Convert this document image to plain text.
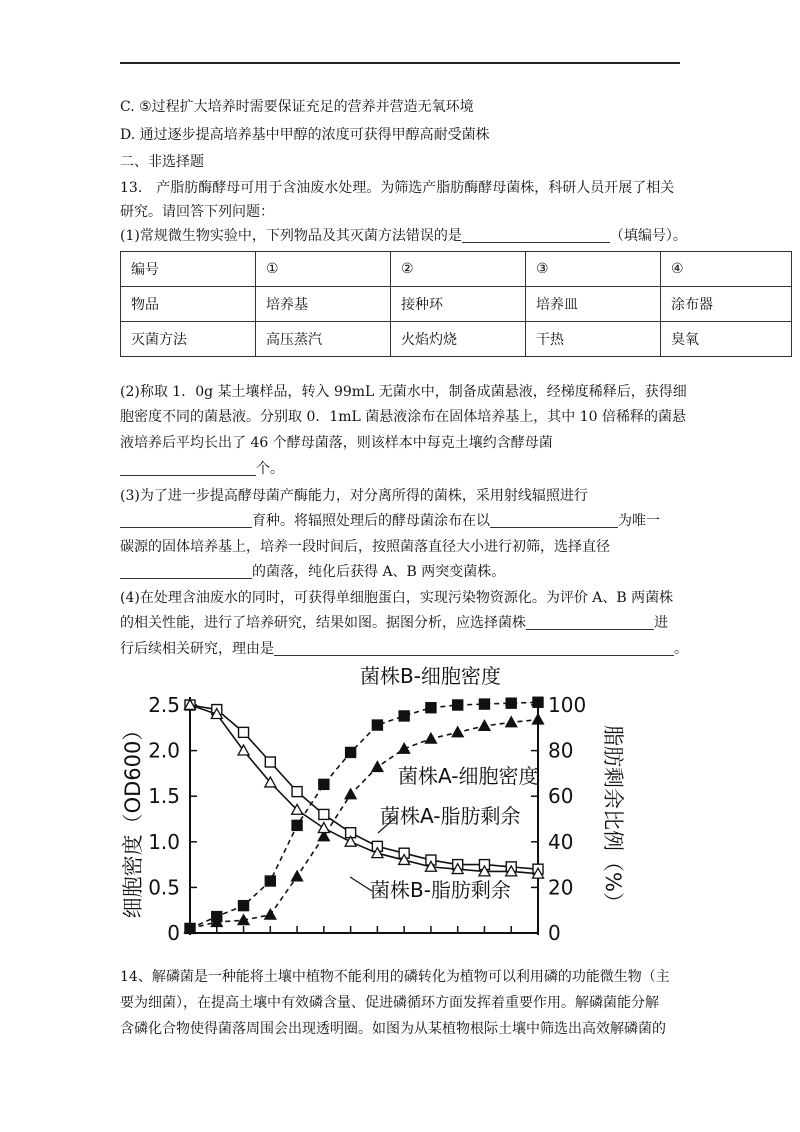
C. ⑤过程扩大培养时需要保证充足的营养并营造无氧环境
D. 通过逐步提高培养基中甲醇的浓度可获得甲醇高耐受菌株
二、非选择题
13.　产脂肪酶酵母可用于含油废水处理。为筛选产脂肪酶酵母菌株，科研人员开展了相关
研究。请回答下列问题：
(1)常规微生物实验中，下列物品及其灭菌方法错误的是	（填编号）。
编号	①	②	③	④
物品	培养基	接种环	培养皿	涂布器
灭菌方法	高压蒸汽	火焰灼烧	干热	臭氧
(2)称取 1．0g 某土壤样品，转入 99mL 无菌水中，制备成菌悬液，经梯度稀释后，获得细
胞密度不同的菌悬液。分别取 0．1mL 菌悬液涂布在固体培养基上，其中 10 倍稀释的菌悬
液培养后平均长出了 46 个酵母菌落，则该样本中每克土壤约含酵母菌
个。
(3)为了进一步提高酵母菌产酶能力，对分离所得的菌株，采用射线辐照进行
育种。将辐照处理后的酵母菌涂布在以	为唯一
碳源的固体培养基上，培养一段时间后，按照菌落直径大小进行初筛，选择直径
的菌落，纯化后获得 A、B 两突变菌株。
(4)在处理含油废水的同时，可获得单细胞蛋白，实现污染物资源化。为评价 A、B 两菌株
的相关性能，进行了培养研究，结果如图。据图分析，应选择菌株	进
行后续相关研究，理由是	。
0
0.5
1.0
1.5
2.0
2.5
0
20
40
60
80
100
细胞密度（OD600）	脂肪剩余比例（%）
菌株B-细胞密度
菌株A-细胞密度
菌株A-脂肪剩余
菌株B-脂肪剩余
14、解磷菌是一种能将土壤中植物不能利用的磷转化为植物可以利用磷的功能微生物（主
要为细菌），在提高土壤中有效磷含量、促进磷循环方面发挥着重要作用。解磷菌能分解
含磷化合物使得菌落周围会出现透明圈。如图为从某植物根际土壤中筛选出高效解磷菌的
